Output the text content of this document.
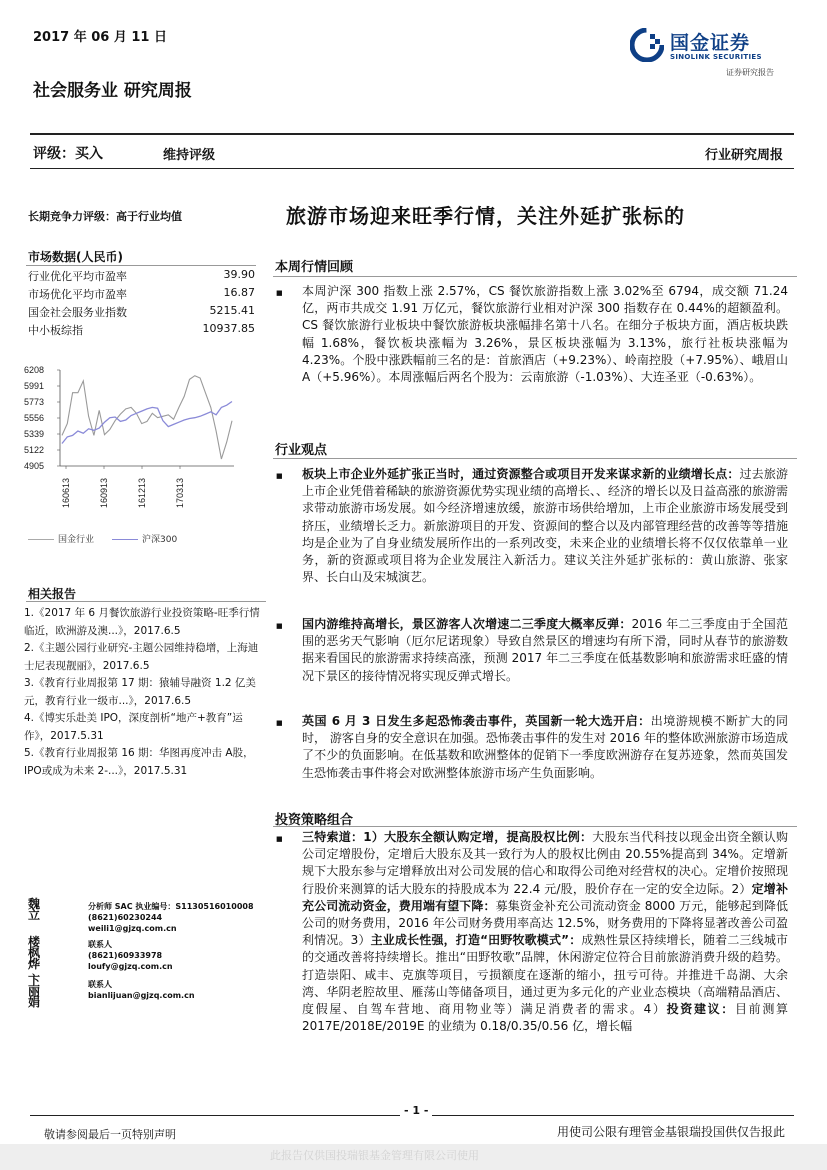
2017 年 06 月 11 日	国金证券
SINOLINK SECURITIES
证券研究报告
社会服务业 研究周报
评级：买入	维持评级	行业研究周报
长期竞争力评级：高于行业均值
市场数据(人民币)
行业优化平均市盈率	39.90
市场优化平均市盈率	16.87
国金社会服务业指数	5215.41
中小板综指	10937.85
6208
5991
5773
5556
5339
5122
4905
160613	160913	161213	170313
国金行业	沪深300
相关报告

1.《2017 年 6 月餐饮旅游行业投资策略-旺季行情临近，欧洲游及澳...》，2017.6.5

2.《主题公园行业研究-主题公园维持稳增，上海迪士尼表现靓丽》，2017.6.5

3.《教育行业周报第 17 期：猿辅导融资 1.2 亿美元，教育行业一级市...》，2017.6.5

4.《博实乐赴美 IPO，深度剖析“地产+教育”运作》，2017.5.31

5.《教育行业周报第 16 期：华图再度冲击 A股，IPO或成为未来 2-...》，2017.5.31

魏立
分析师 SAC 执业编号：S1130516010008
(8621)60230244
weili1@gjzq.com.cn
楼枫烨
联系人
(8621)60933978
loufy@gjzq.com.cn
卞丽娟
联系人
bianlijuan@gjzq.com.cn
旅游市场迎来旺季行情，关注外延扩张标的
本周行情回顾
■ 本周沪深 300 指数上涨 2.57%，CS 餐饮旅游指数上涨 3.02%至 6794，成交额 71.24 亿，两市共成交 1.91 万亿元，餐饮旅游行业相对沪深 300 指数存在 0.44%的超额盈利。CS 餐饮旅游行业板块中餐饮旅游板块涨幅排名第十八名。在细分子板块方面，酒店板块跌幅 1.68%，餐饮板块涨幅为 3.26%，景区板块涨幅为 3.13%，旅行社板块涨幅为 4.23%。个股中涨跌幅前三名的是：首旅酒店（+9.23%）、岭南控股（+7.95%）、峨眉山 A（+5.96%）。本周涨幅后两名个股为：云南旅游（-1.03%）、大连圣亚（-0.63%）。
行业观点
■ 板块上市企业外延扩张正当时，通过资源整合或项目开发来谋求新的业绩增长点：过去旅游上市企业凭借着稀缺的旅游资源优势实现业绩的高增长、、经济的增长以及日益高涨的旅游需求带动旅游市场发展。如今经济增速放缓，旅游市场供给增加，上市企业旅游市场发展受到挤压，业绩增长乏力。新旅游项目的开发、资源间的整合以及内部管理经营的改善等等措施均是企业为了自身业绩发展所作出的一系列改变，未来企业的业绩增长将不仅仅依靠单一业务，新的资源或项目将为企业发展注入新活力。建议关注外延扩张标的：黄山旅游、张家界、长白山及宋城演艺。
■ 国内游维持高增长，景区游客人次增速二三季度大概率反弹：2016 年二三季度由于全国范围的恶劣天气影响（厄尔尼诺现象）导致自然景区的增速均有所下滑，同时从春节的旅游数据来看国民的旅游需求持续高涨，预测 2017 年二三季度在低基数影响和旅游需求旺盛的情况下景区的接待情况将实现反弹式增长。
■ 英国 6 月 3 日发生多起恐怖袭击事件，英国新一轮大选开启：出境游规模不断扩大的同时， 游客自身的安全意识在加强。恐怖袭击事件的发生对 2016 年的整体欧洲旅游市场造成了不少的负面影响。在低基数和欧洲整体的促销下一季度欧洲游存在复苏迹象，然而英国发生恐怖袭击事件将会对欧洲整体旅游市场产生负面影响。
投资策略组合
■ 三特索道：1）大股东全额认购定增，提高股权比例：大股东当代科技以现金出资全额认购公司定增股份，定增后大股东及其一致行为人的股权比例由 20.55%提高到 34%。定增新规下大股东参与定增释放出对公司发展的信心和取得公司绝对经营权的决心。定增价按照现行股价来测算的话大股东的持股成本为 22.4 元/股，股价存在一定的安全边际。2）定增补充公司流动资金，费用端有望下降：募集资金补充公司流动资金 8000 万元，能够起到降低公司的财务费用，2016 年公司财务费用率高达 12.5%，财务费用的下降将显著改善公司盈利情况。3）主业成长性强，打造“田野牧歌模式”：成熟性景区持续增长，随着二三线城市的交通改善将持续增长。推出“田野牧歌”品牌，休闲游定位符合目前旅游消费升级的趋势。打造崇阳、咸丰、克旗等项目，亏损额度在逐渐的缩小，扭亏可待。并推进千岛湖、大余湾、华阴老腔故里、雁荡山等储备项目，通过更为多元化的产业业态模块（高端精品酒店、度假屋、自驾车营地、商用物业等）满足消费者的需求。4）投资建议：目前测算 2017E/2018E/2019E 的业绩为 0.18/0.35/0.56 亿，增长幅
- 1 -
敬请参阅最后一页特别声明	用使司公限有理管金基银瑞投国供仅告报此
此报告仅供国投瑞银基金管理有限公司使用
